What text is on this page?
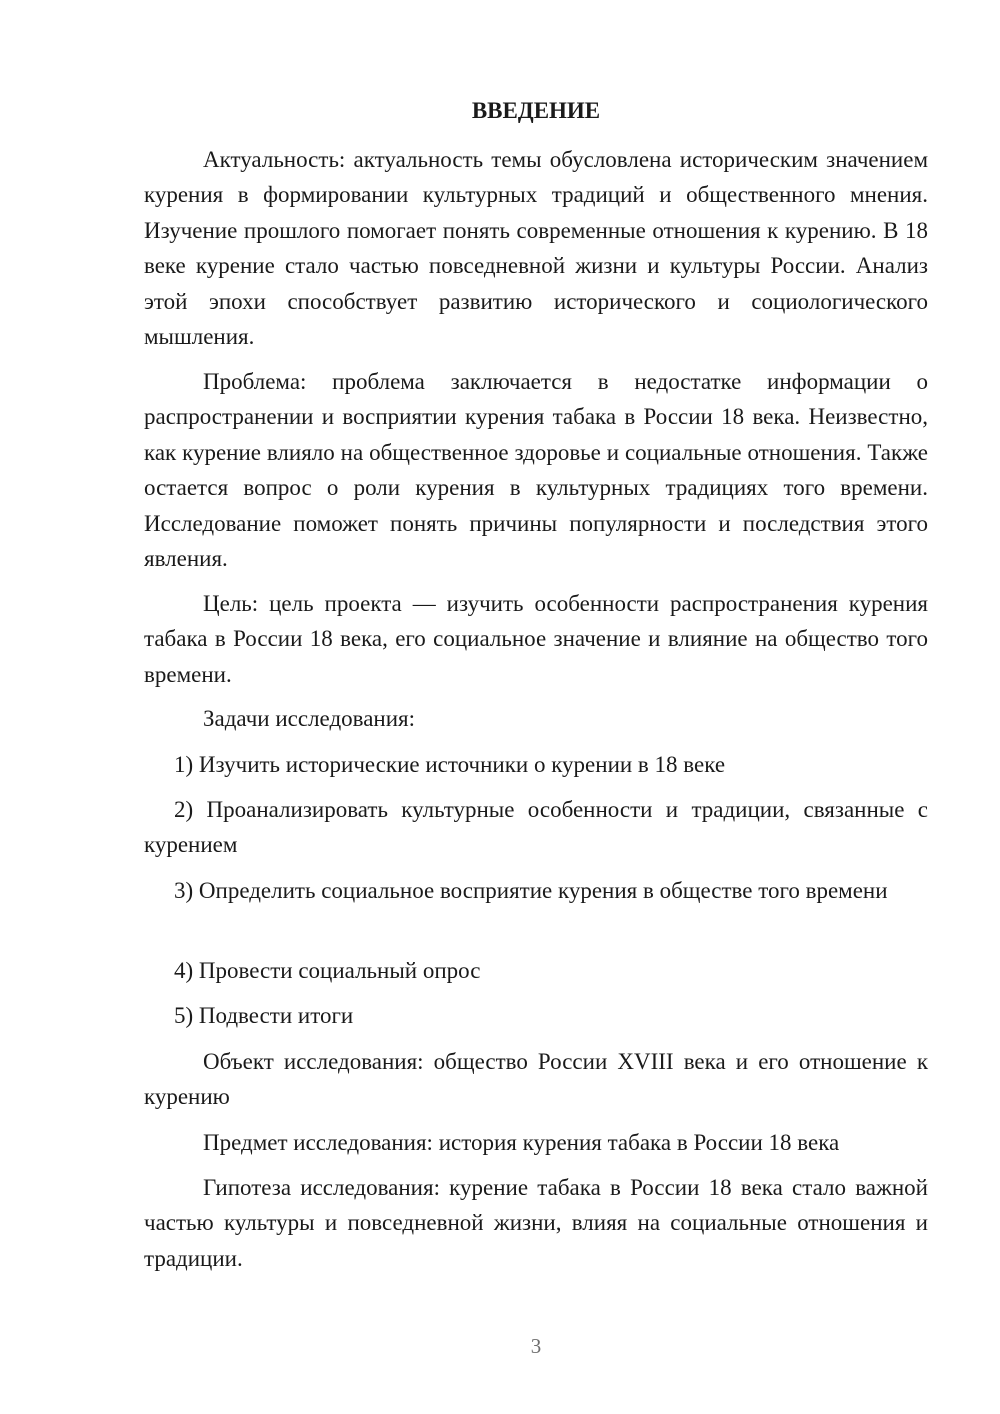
ВВЕДЕНИЕ

Актуальность: актуальность темы обусловлена историческим значением курения в формировании культурных традиций и общественного мнения. Изучение прошлого помогает понять современные отношения к курению. В 18 веке курение стало частью повседневной жизни и культуры России. Анализ этой эпохи способствует развитию исторического и социологического мышления.

Проблема: проблема заключается в недостатке информации о распространении и восприятии курения табака в России 18 века. Неизвестно, как курение влияло на общественное здоровье и социальные отношения. Также остается вопрос о роли курения в культурных традициях того времени. Исследование поможет понять причины популярности и последствия этого явления.

Цель: цель проекта — изучить особенности распространения курения табака в России 18 века, его социальное значение и влияние на общество того времени.

Задачи исследования:

1) Изучить исторические источники о курении в 18 веке

2) Проанализировать культурные особенности и традиции, связанные с курением

3) Определить социальное восприятие курения в обществе того времени

4) Провести социальный опрос

5) Подвести итоги

Объект исследования: общество России XVIII века и его отношение к курению

Предмет исследования: история курения табака в России 18 века

Гипотеза исследования: курение табака в России 18 века стало важной частью культуры и повседневной жизни, влияя на социальные отношения и традиции.

3
